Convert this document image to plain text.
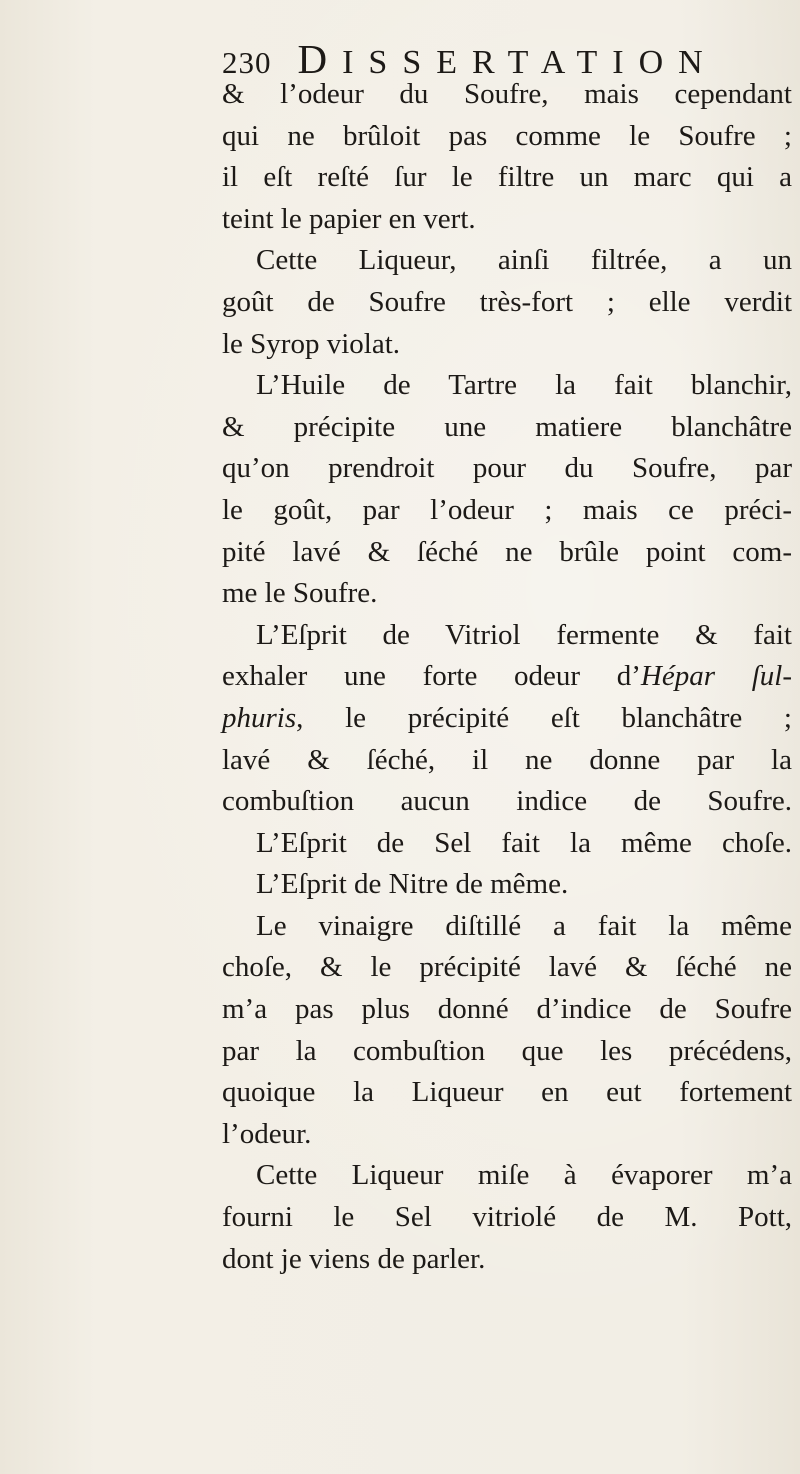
230 DISSERTATION
& l’odeur du Soufre, mais cependant
qui ne brûloit pas comme le Soufre ;
il eſt reſté ſur le filtre un marc qui a
teint le papier en vert.
Cette Liqueur, ainſi filtrée, a un
goût de Soufre très-fort ; elle verdit
le Syrop violat.
L’Huile de Tartre la fait blanchir,
& précipite une matiere blanchâtre
qu’on prendroit pour du Soufre, par
le goût, par l’odeur ; mais ce préci-
pité lavé & ſéché ne brûle point com-
me le Soufre.
L’Eſprit de Vitriol fermente & fait
exhaler une forte odeur d’Hépar ſul-
phuris, le précipité eſt blanchâtre ;
lavé & ſéché, il ne donne par la
combuſtion aucun indice de Soufre.
L’Eſprit de Sel fait la même choſe.
L’Eſprit de Nitre de même.
Le vinaigre diſtillé a fait la même
choſe, & le précipité lavé & ſéché ne
m’a pas plus donné d’indice de Soufre
par la combuſtion que les précédens,
quoique la Liqueur en eut fortement
l’odeur.
Cette Liqueur miſe à évaporer m’a
fourni le Sel vitriolé de M. Pott,
dont je viens de parler.
